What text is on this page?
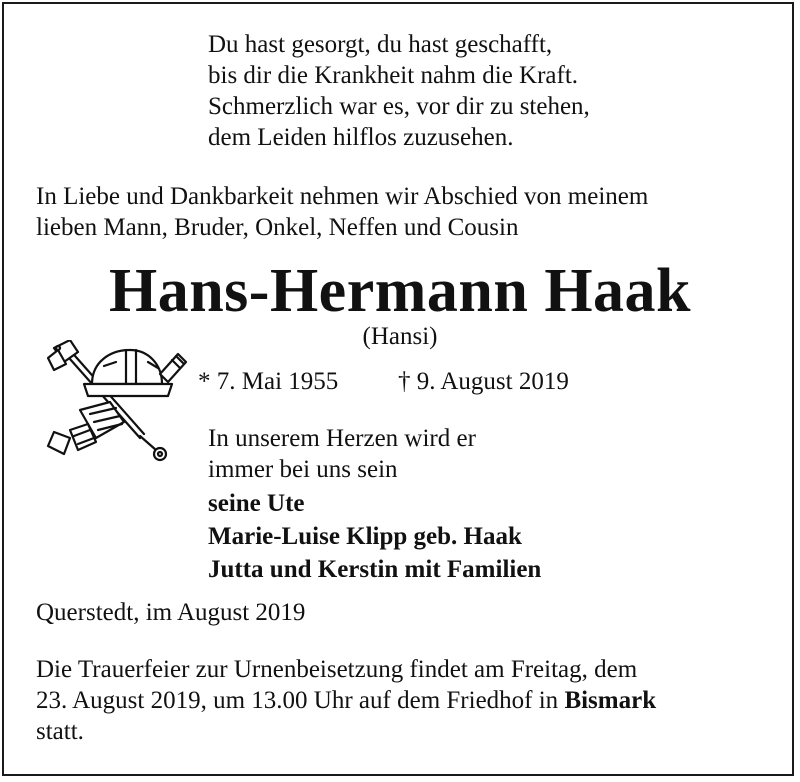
Du hast gesorgt, du hast geschafft,
bis dir die Krankheit nahm die Kraft.
Schmerzlich war es, vor dir zu stehen,
dem Leiden hilflos zuzusehen.
In Liebe und Dankbarkeit nehmen wir Abschied von meinem
lieben Mann, Bruder, Onkel, Neffen und Cousin
Hans-Hermann Haak
(Hansi)
* 7. Mai 1955 † 9. August 2019
In unserem Herzen wird er
immer bei uns sein
seine Ute
Marie-Luise Klipp geb. Haak
Jutta und Kerstin mit Familien
Querstedt, im August 2019
Die Trauerfeier zur Urnenbeisetzung findet am Freitag, dem
23. August 2019, um 13.00 Uhr auf dem Friedhof in Bismark
statt.
